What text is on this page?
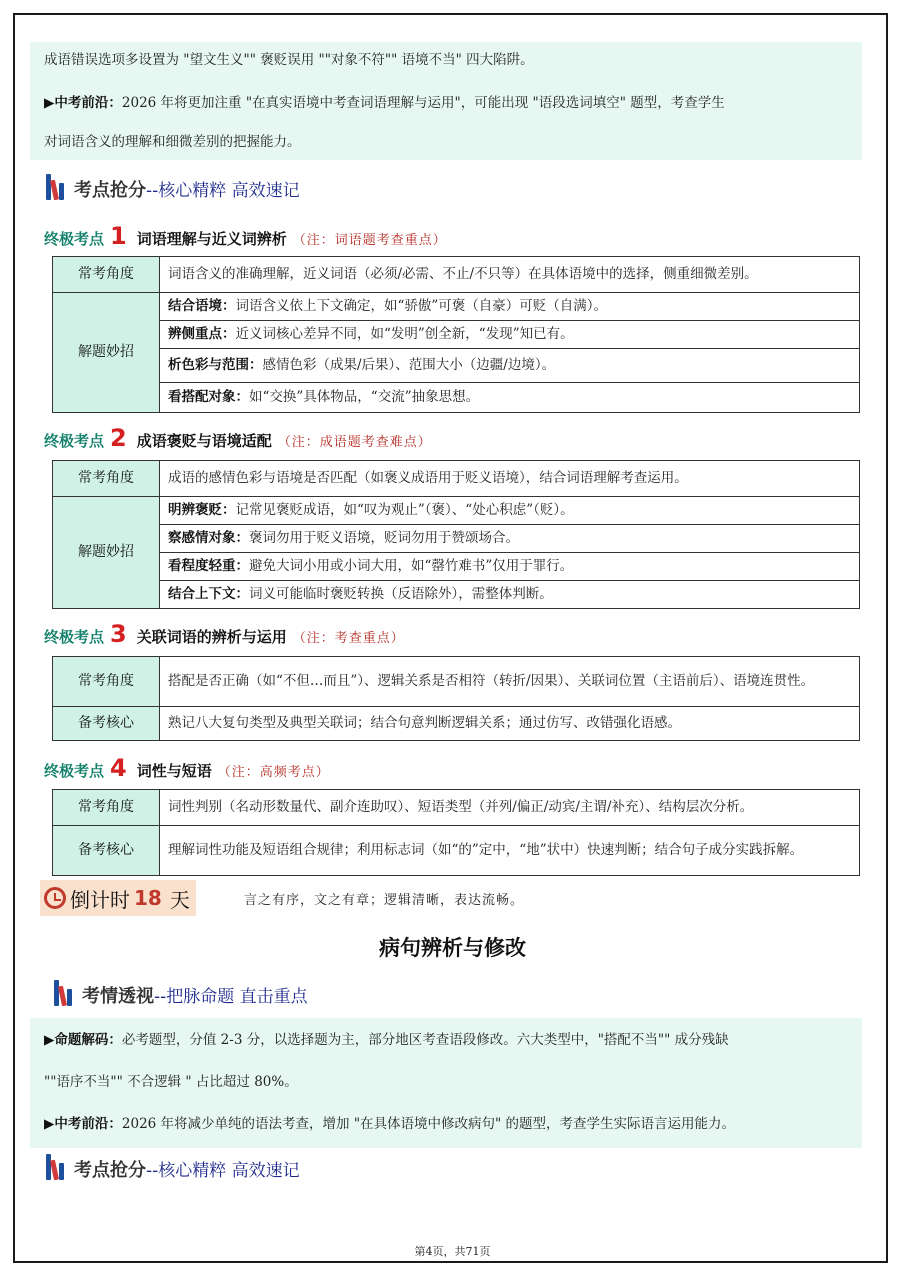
成语错误选项多设置为 "望文生义"" 褒贬误用 ""对象不符"" 语境不当" 四大陷阱。
▶中考前沿：2026 年将更加注重 "在真实语境中考查词语理解与运用"，可能出现 "语段选词填空" 题型，考查学生
对词语含义的理解和细微差别的把握能力。
考点抢分 --核心精粹 高效速记
终极考点 1 词语理解与近义词辨析 （注：词语题考查重点）
常考角度	词语含义的准确理解，近义词语（必须/必需、不止/不只等）在具体语境中的选择，侧重细微差别。
解题妙招	结合语境：词语含义依上下文确定，如“骄傲”可褒（自豪）可贬（自满）。
	辨侧重点：近义词核心差异不同，如“发明”创全新，“发现”知已有。
	析色彩与范围：感情色彩（成果/后果）、范围大小（边疆/边境）。
	看搭配对象：如“交换”具体物品，“交流”抽象思想。
终极考点 2 成语褒贬与语境适配 （注：成语题考查难点）
常考角度	成语的感情色彩与语境是否匹配（如褒义成语用于贬义语境），结合词语理解考查运用。
解题妙招	明辨褒贬：记常见褒贬成语，如“叹为观止”（褒）、“处心积虑”（贬）。
	察感情对象：褒词勿用于贬义语境，贬词勿用于赞颂场合。
	看程度轻重：避免大词小用或小词大用，如“罄竹难书”仅用于罪行。
	结合上下文：词义可能临时褒贬转换（反语除外），需整体判断。
终极考点 3 关联词语的辨析与运用 （注：考查重点）
常考角度	搭配是否正确（如“不但…而且”）、逻辑关系是否相符（转折/因果）、关联词位置（主语前后）、语境连贯性。
备考核心	熟记八大复句类型及典型关联词；结合句意判断逻辑关系；通过仿写、改错强化语感。
终极考点 4 词性与短语 （注：高频考点）
常考角度	词性判别（名动形数量代、副介连助叹）、短语类型（并列/偏正/动宾/主谓/补充）、结构层次分析。
备考核心	理解词性功能及短语组合规律；利用标志词（如“的”定中，“地”状中）快速判断；结合句子成分实践拆解。
倒计时 18 天	言之有序，文之有章；逻辑清晰，表达流畅。
病句辨析与修改
考情透视 --把脉命题 直击重点
▶命题解码：必考题型，分值 2-3 分，以选择题为主，部分地区考查语段修改。六大类型中，"搭配不当"" 成分残缺
""语序不当"" 不合逻辑 " 占比超过 80%。
▶中考前沿：2026 年将减少单纯的语法考查，增加 "在具体语境中修改病句" 的题型，考查学生实际语言运用能力。
考点抢分 --核心精粹 高效速记
第4页，共71页
